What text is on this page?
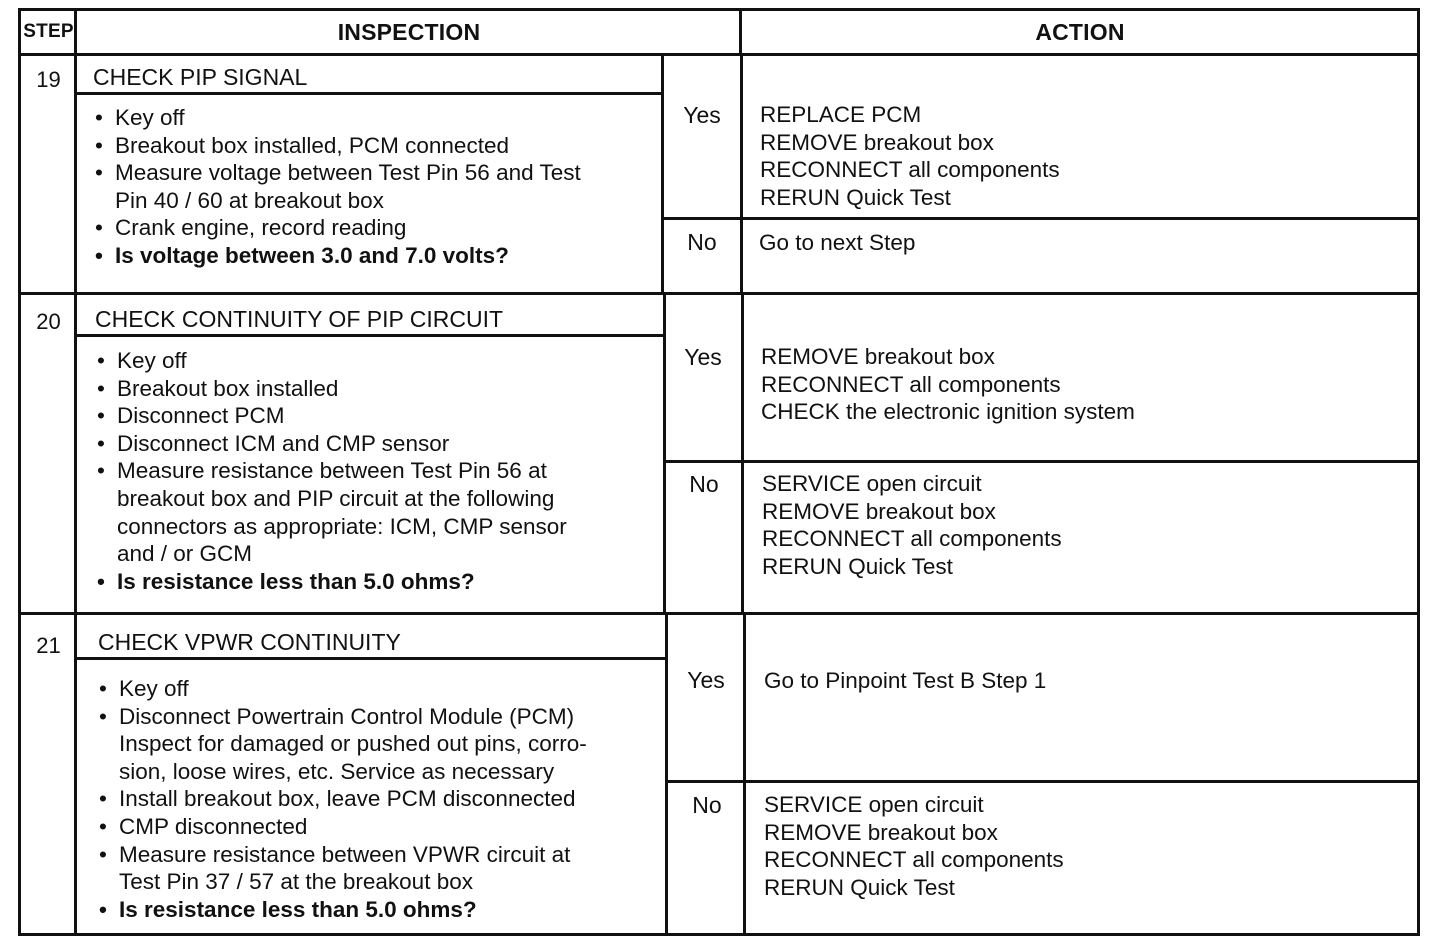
STEP	INSPECTION	ACTION
19	CHECK PIP SIGNAL
• Key off
• Breakout box installed, PCM connected
• Measure voltage between Test Pin 56 and Test
Pin 40 / 60 at breakout box
• Crank engine, record reading
• Is voltage between 3.0 and 7.0 volts?
Yes	REPLACE PCM
REMOVE breakout box
RECONNECT all components
RERUN Quick Test
No	Go to next Step
20	CHECK CONTINUITY OF PIP CIRCUIT
• Key off
• Breakout box installed
• Disconnect PCM
• Disconnect ICM and CMP sensor
• Measure resistance between Test Pin 56 at
breakout box and PIP circuit at the following
connectors as appropriate: ICM, CMP sensor
and / or GCM
• Is resistance less than 5.0 ohms?
Yes	REMOVE breakout box
RECONNECT all components
CHECK the electronic ignition system
No	SERVICE open circuit
REMOVE breakout box
RECONNECT all components
RERUN Quick Test
21	CHECK VPWR CONTINUITY
• Key off
• Disconnect Powertrain Control Module (PCM)
Inspect for damaged or pushed out pins, corro-
sion, loose wires, etc. Service as necessary
• Install breakout box, leave PCM disconnected
• CMP disconnected
• Measure resistance between VPWR circuit at
Test Pin 37 / 57 at the breakout box
• Is resistance less than 5.0 ohms?
Yes	Go to Pinpoint Test B Step 1
No	SERVICE open circuit
REMOVE breakout box
RECONNECT all components
RERUN Quick Test
